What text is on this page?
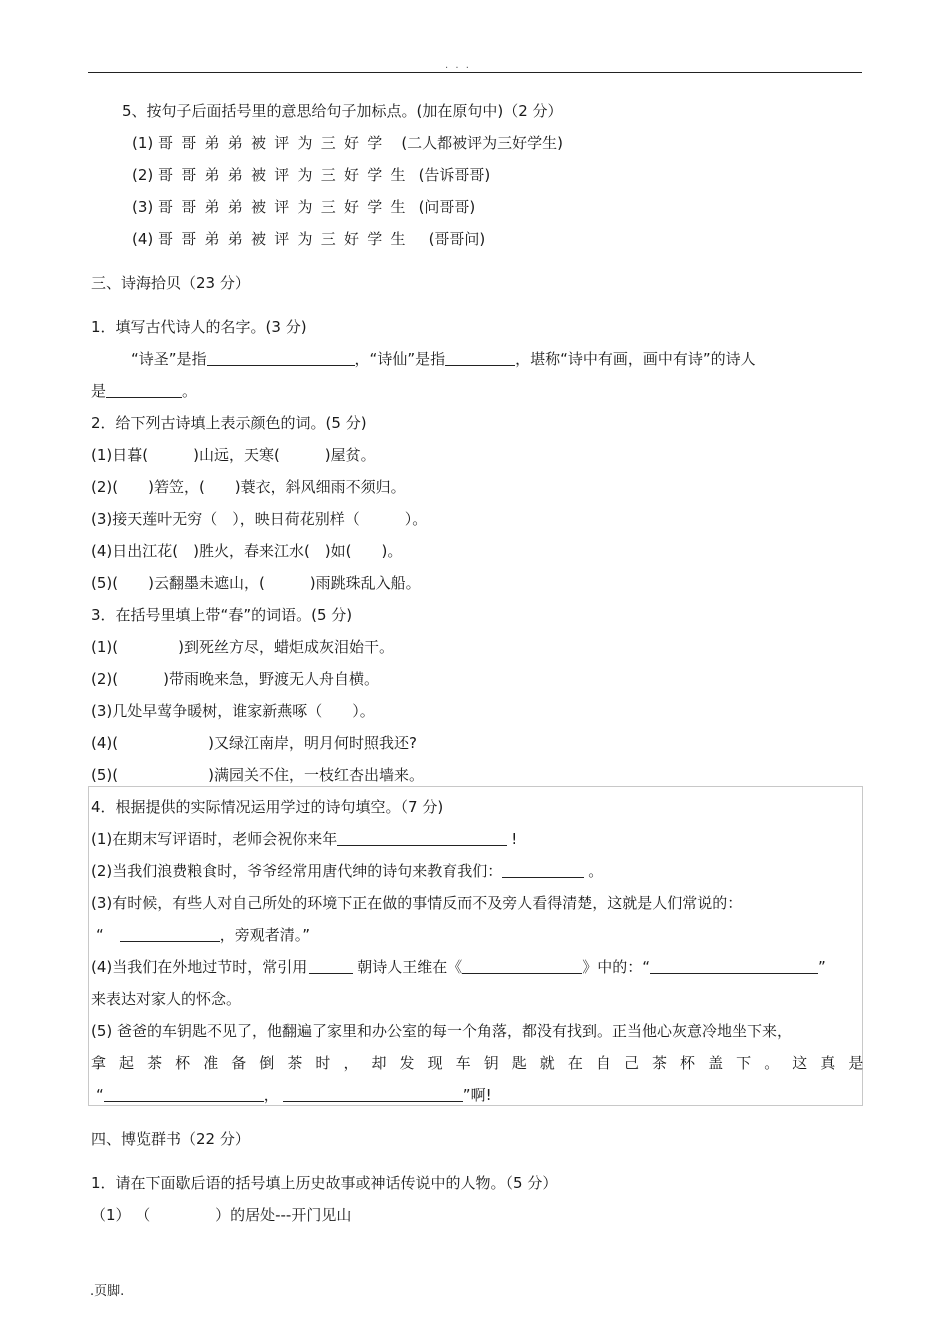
. . .
5、按句子后面括号里的意思给句子加标点。(加在原句中)（2 分）
(1) 哥哥弟弟被评为三好学 (二人都被评为三好学生)
(2) 哥哥弟弟被评为三好学生 (告诉哥哥)
(3) 哥哥弟弟被评为三好学生 (问哥哥)
(4) 哥哥弟弟被评为三好学生 (哥哥问)
三、诗海拾贝（23 分）
1．填写古代诗人的名字。(3 分)
“诗圣”是指	，“诗仙”是指	，堪称“诗中有画，画中有诗”的诗人
是	。
2．给下列古诗填上表示颜色的词。(5 分)
(1)日暮(　　　)山远，天寒(　　　)屋贫。
(2)(　　)箬笠，(　　)蓑衣，斜风细雨不须归。
(3)接天莲叶无穷（　），映日荷花别样（　　　）。
(4)日出江花(　)胜火，春来江水(　)如(　　)。
(5)(　　)云翻墨未遮山，(　　　)雨跳珠乱入船。
3．在括号里填上带“春”的词语。(5 分)
(1)(　　　　)到死丝方尽，蜡炬成灰泪始干。
(2)(　　　)带雨晚来急，野渡无人舟自横。
(3)几处早莺争暖树，谁家新燕啄（　　）。
(4)(　　　　　　)又绿江南岸，明月何时照我还?
(5)(　　　　　　)满园关不住，一枝红杏出墙来。
4．根据提供的实际情况运用学过的诗句填空。（7 分)
(1)在期末写评语时，老师会祝你来年	!
(2)当我们浪费粮食时，爷爷经常用唐代绅的诗句来教育我们：	。
(3)有时候，有些人对自己所处的环境下正在做的事情反而不及旁人看得清楚，这就是人们常说的：
“	，旁观者清。”
(4)当我们在外地过节时，常引用	朝诗人王维在《	》中的：“	”
来表达对家人的怀念。
(5) 爸爸的车钥匙不见了，他翻遍了家里和办公室的每一个角落，都没有找到。正当他心灰意冷地坐下来，
拿起茶杯准备倒茶时，却发现车钥匙就在自己茶杯盖下。这真是
“	，	”啊!
四、博览群书（22 分）
1．请在下面歇后语的括号填上历史故事或神话传说中的人物。（5 分）
（1） （　　　　 ）的居处---开门见山
.页脚.
